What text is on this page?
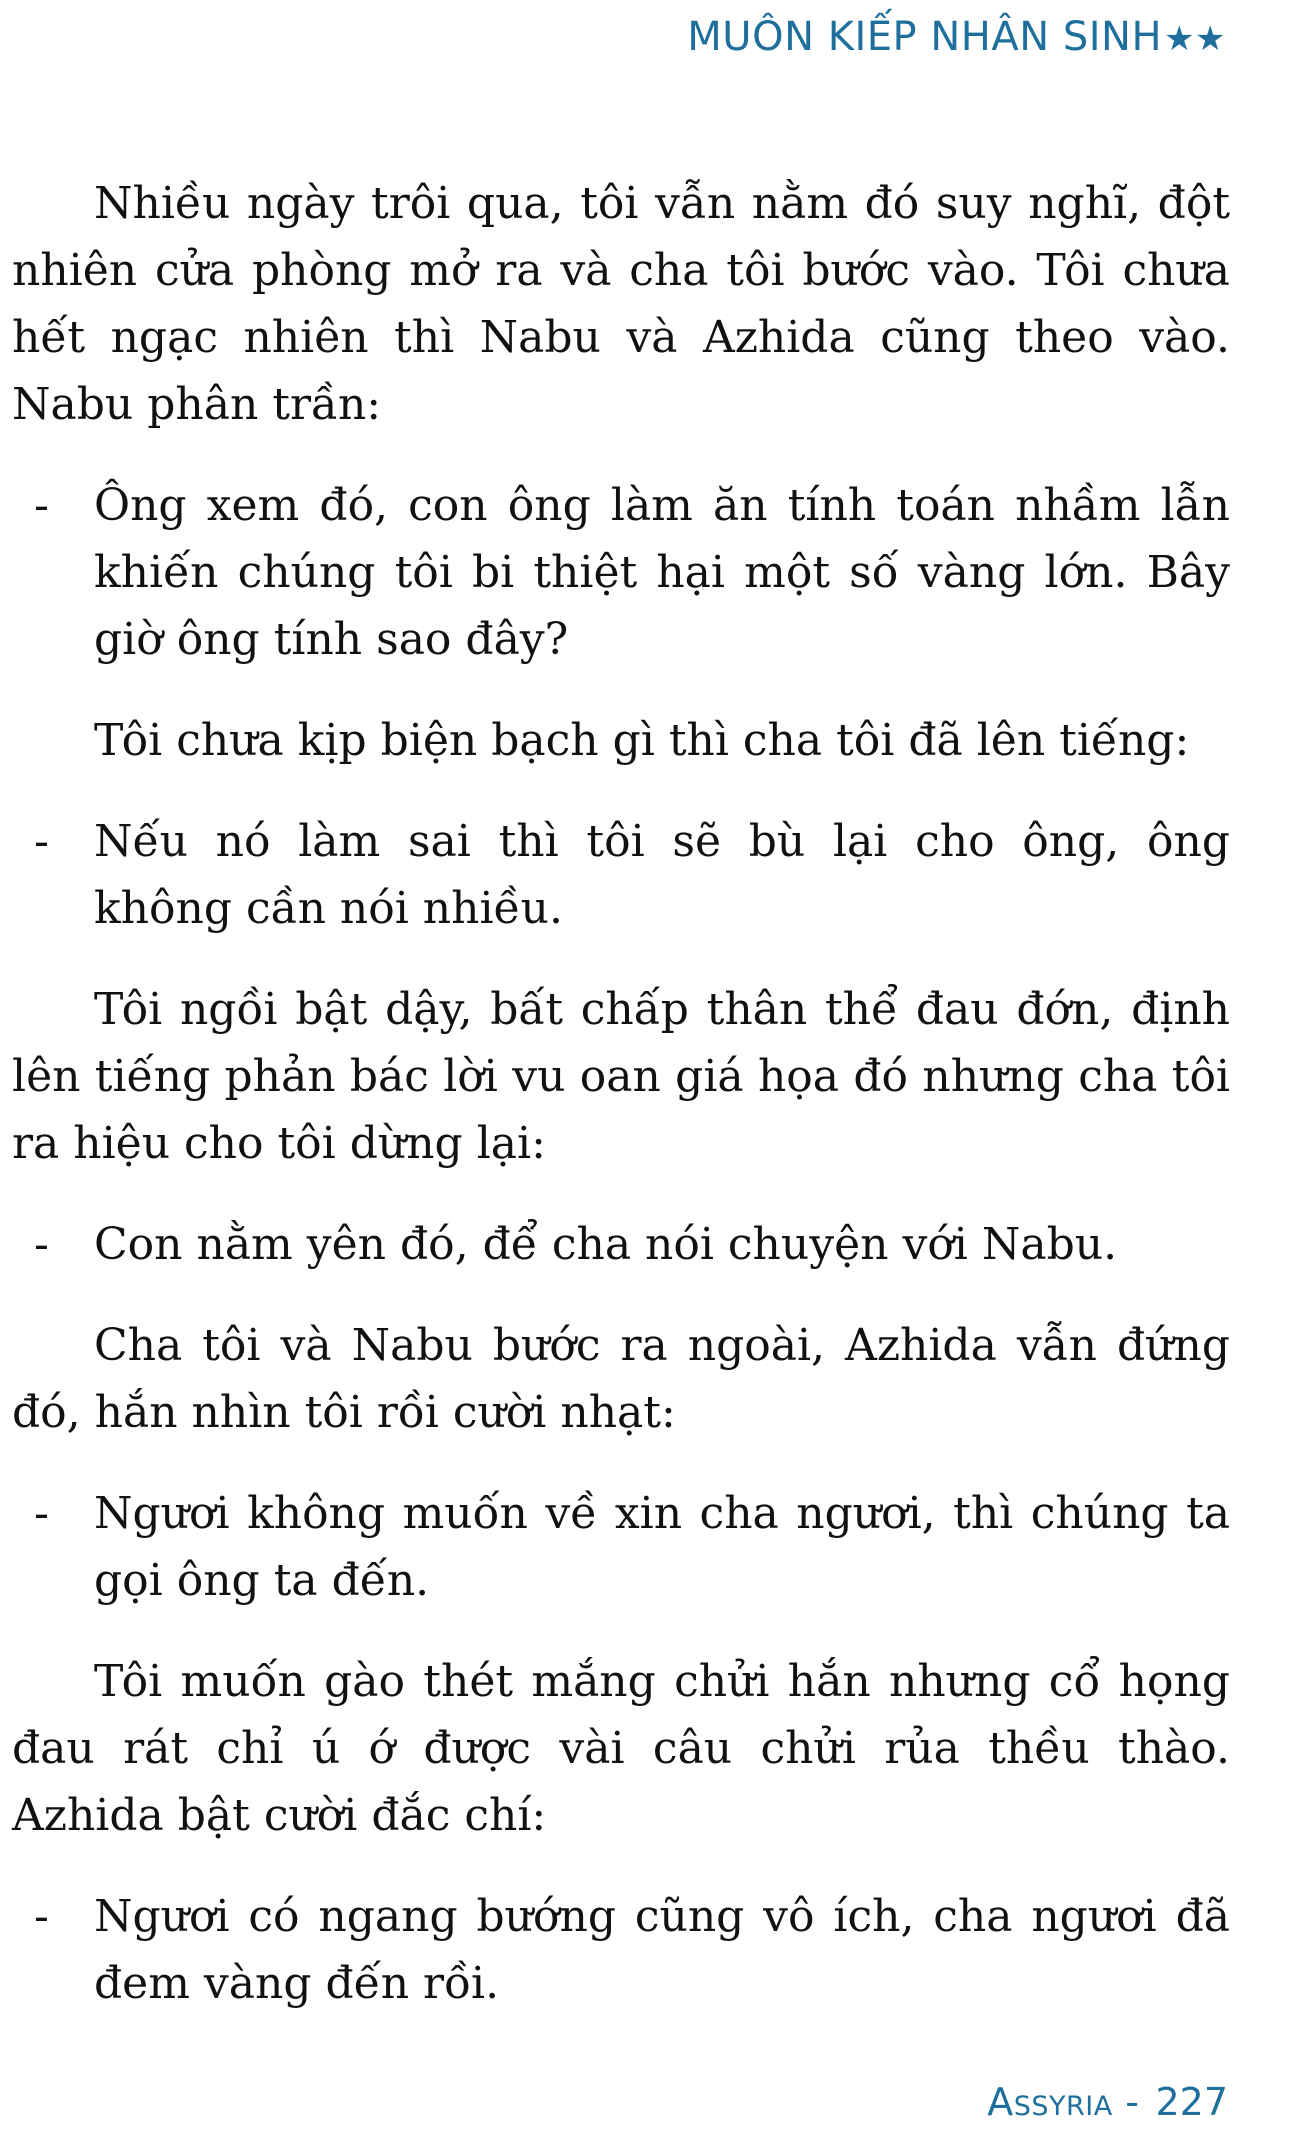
MUÔN KIẾP NHÂN SINH★★

Nhiều ngày trôi qua, tôi vẫn nằm đó suy nghĩ, đột nhiên cửa phòng mở ra và cha tôi bước vào. Tôi chưa hết ngạc nhiên thì Nabu và Azhida cũng theo vào. Nabu phân trần:

- Ông xem đó, con ông làm ăn tính toán nhầm lẫn khiến chúng tôi bi thiệt hại một số vàng lớn. Bây giờ ông tính sao đây?

Tôi chưa kịp biện bạch gì thì cha tôi đã lên tiếng:

- Nếu nó làm sai thì tôi sẽ bù lại cho ông, ông không cần nói nhiều.

Tôi ngồi bật dậy, bất chấp thân thể đau đớn, định lên tiếng phản bác lời vu oan giá họa đó nhưng cha tôi ra hiệu cho tôi dừng lại:

- Con nằm yên đó, để cha nói chuyện với Nabu.

Cha tôi và Nabu bước ra ngoài, Azhida vẫn đứng đó, hắn nhìn tôi rồi cười nhạt:

- Ngươi không muốn về xin cha ngươi, thì chúng ta gọi ông ta đến.

Tôi muốn gào thét mắng chửi hắn nhưng cổ họng đau rát chỉ ú ớ được vài câu chửi rủa thều thào. Azhida bật cười đắc chí:

- Ngươi có ngang bướng cũng vô ích, cha ngươi đã đem vàng đến rồi.
Assyria - 227
